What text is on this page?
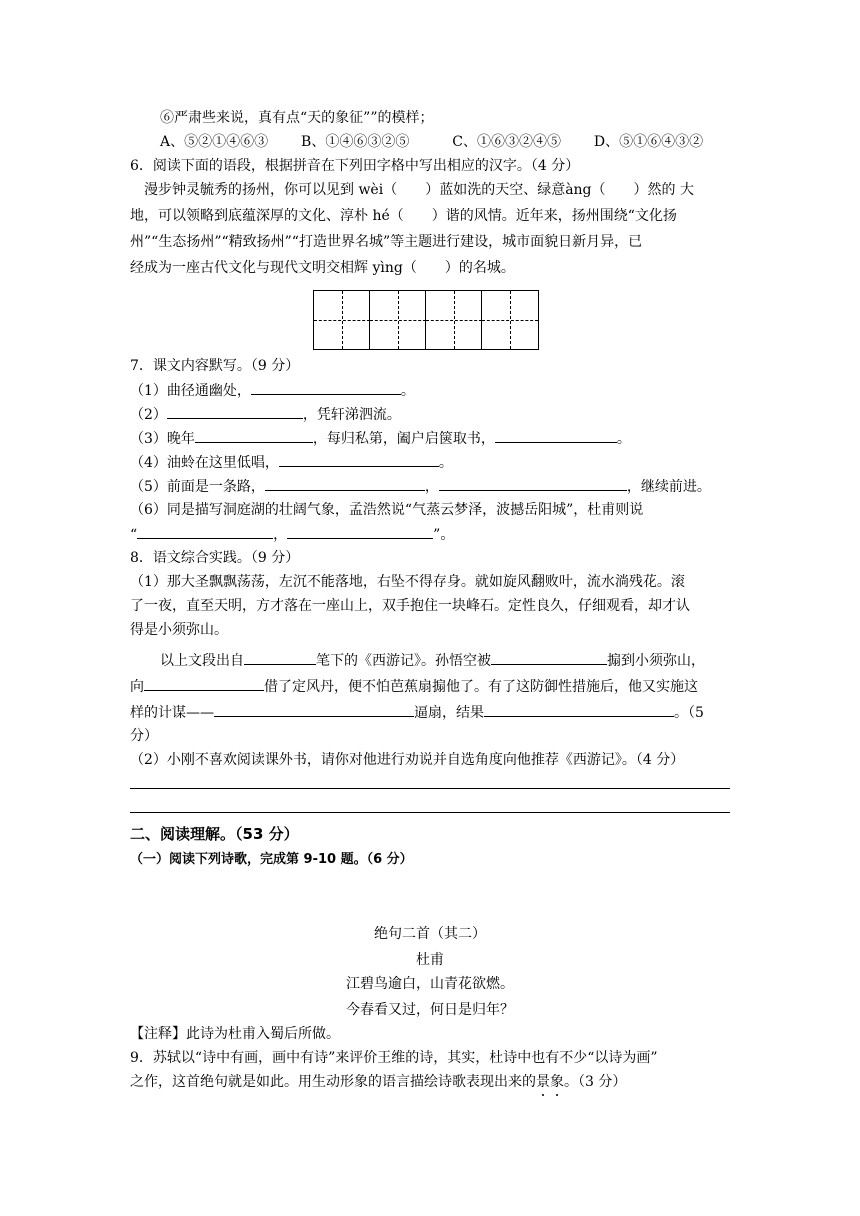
⑥严肃些来说，真有点“天的象征””的模样；
A、⑤②①④⑥③ B、①④⑥③②⑤	C、①⑥③②④⑤ D、⑤①⑥④③②
6．阅读下面的语段，根据拼音在下列田字格中写出相应的汉字。（4 分）
漫步钟灵毓秀的扬州，你可以见到 wèi（　　）蓝如洗的天空、绿意àng（　　）然的 大
地，可以领略到底蕴深厚的文化、淳朴 hé（　　）谐的风情。近年来，扬州围绕“文化扬
州”“生态扬州”“精致扬州”“打造世界名城”等主题进行建设，城市面貌日新月异，已
经成为一座古代文化与现代文明交相辉 yìng（　　）的名城。
7．课文内容默写。（9 分）
（1）曲径通幽处，	。
（2）	，凭轩涕泗流。
（3）晚年	，每归私第，阖户启箧取书，	。
（4）油蛉在这里低唱，	。
（5）前面是一条路，	，	，继续前进。
（6）同是描写洞庭湖的壮阔气象，孟浩然说“气蒸云梦泽，波撼岳阳城”，杜甫则说
“	，	”。
8．语文综合实践。（9 分）
（1）那大圣飘飘荡荡，左沉不能落地，右坠不得存身。就如旋风翻败叶，流水淌残花。滚
了一夜，直至天明，方才落在一座山上，双手抱住一块峰石。定性良久，仔细观看，却才认
得是小须弥山。
以上文段出自	笔下的《西游记》。孙悟空被	搧到小须弥山，
向	借了定风丹，便不怕芭蕉扇搧他了。有了这防御性措施后，他又实施这
样的计谋——	逼扇，结果	。（5
分）
（2）小刚不喜欢阅读课外书，请你对他进行劝说并自选角度向他推荐《西游记》。（4 分）
二、阅读理解。（53 分）
（一）阅读下列诗歌，完成第 9-10 题。（6 分）
绝句二首（其二）
杜甫
江碧鸟逾白，山青花欲燃。
今春看又过，何日是归年？
【注释】此诗为杜甫入蜀后所做。
9．苏轼以“诗中有画，画中有诗”来评价王维的诗，其实，杜诗中也有不少“以诗为画”
之作，这首绝句就是如此。用生动形象的语言描绘诗歌表现出来的景
象
。（3 分）
